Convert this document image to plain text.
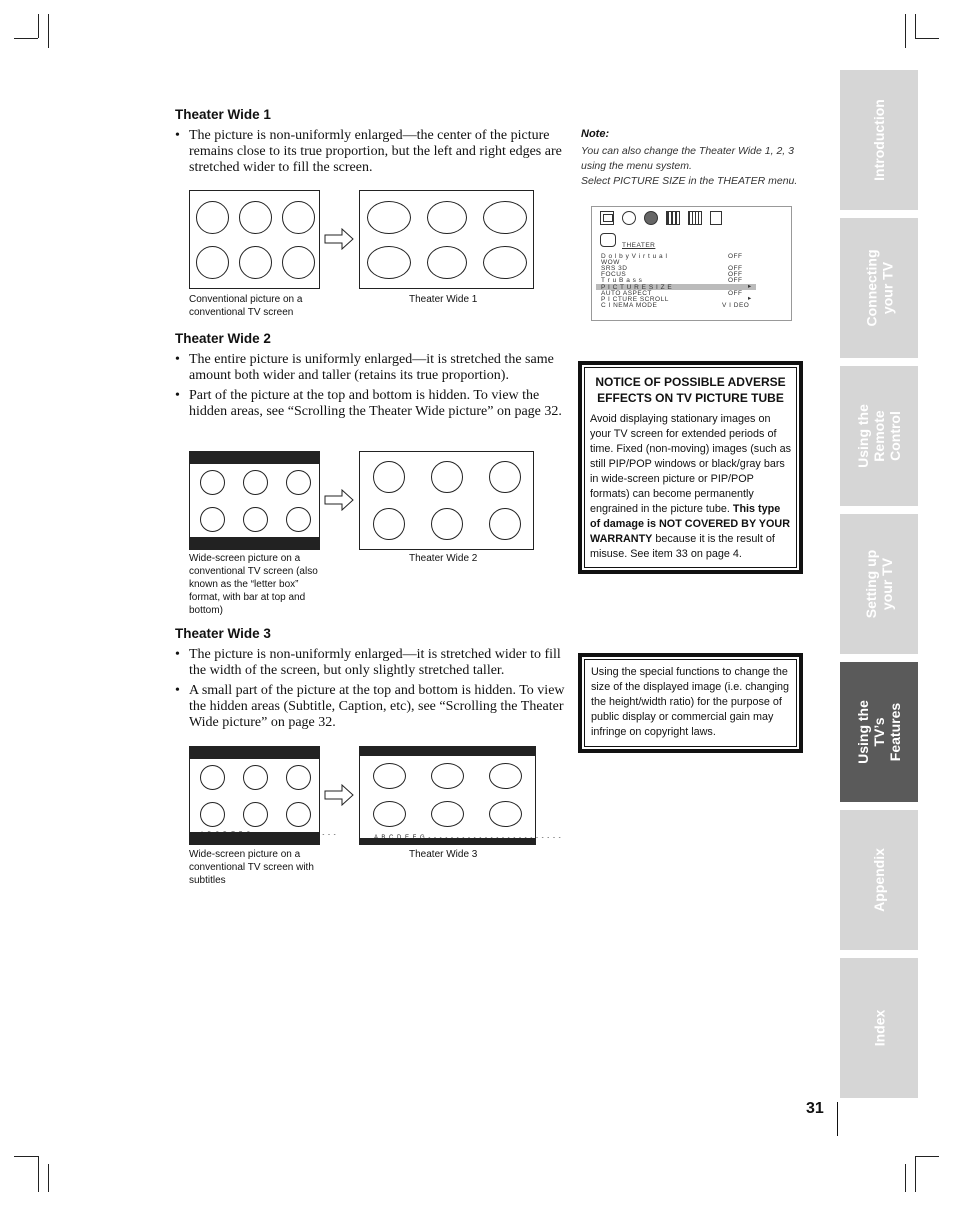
Theater Wide 1
• The picture is non-uniformly enlarged—the center of the picture remains close to its true proportion, but the left and right edges are stretched wider to fill the screen.
Conventional picture on a conventional TV screen
Theater Wide 1
Theater Wide 2
• The entire picture is uniformly enlarged—it is stretched the same amount both wider and taller (retains its true proportion).
• Part of the picture at the top and bottom is hidden. To view the hidden areas, see “Scrolling the Theater Wide picture” on page 32.
Wide-screen picture on a conventional TV screen (also known as the “letter box” format, with bar at top and bottom)
Theater Wide 2
Theater Wide 3
• The picture is non-uniformly enlarged—it is stretched wider to fill the width of the screen, but only slightly stretched taller.
• A small part of the picture at the top and bottom is hidden. To view the hidden areas (Subtitle, Caption, etc), see “Scrolling the Theater Wide picture” on page 32.
A B C D E F G - - - - - - - - - - - - - - -	A B C D E F G - - - - - - - - - - - - - - - - - - - - - - - -
Wide-screen picture on a conventional TV screen with subtitles
Theater Wide 3
Note:
You can also change the Theater Wide 1, 2, 3
using the menu system.
Select PICTURE SIZE in the THEATER menu.
THEATER
D o l b y V i r t u a l	OFF
WOW
SRS 3D	OFF
FOCUS	OFF
T r u B a s s	OFF
P I C T U R E S I Z E	▸
AUTO ASPECT	OFF
P I CTURE SCROLL	▸
C I NEMA MODE	V I DEO
NOTICE OF POSSIBLE ADVERSE EFFECTS ON TV PICTURE TUBE
Avoid displaying stationary images on your TV screen for extended periods of time. Fixed (non-moving) images (such as still PIP/POP windows or black/gray bars in wide-screen picture or PIP/POP formats) can become permanently engrained in the picture tube. This type of damage is NOT COVERED BY YOUR WARRANTY because it is the result of misuse. See item 33 on page 4.
Using the special functions to change the size of the displayed image (i.e. changing the height/width ratio) for the purpose of public display or commercial gain may infringe on copyright laws.
Introduction
Connecting
your TV
Using the
Remote Control
Setting up
your TV
Using the TV’s
Features
Appendix
Index
31
